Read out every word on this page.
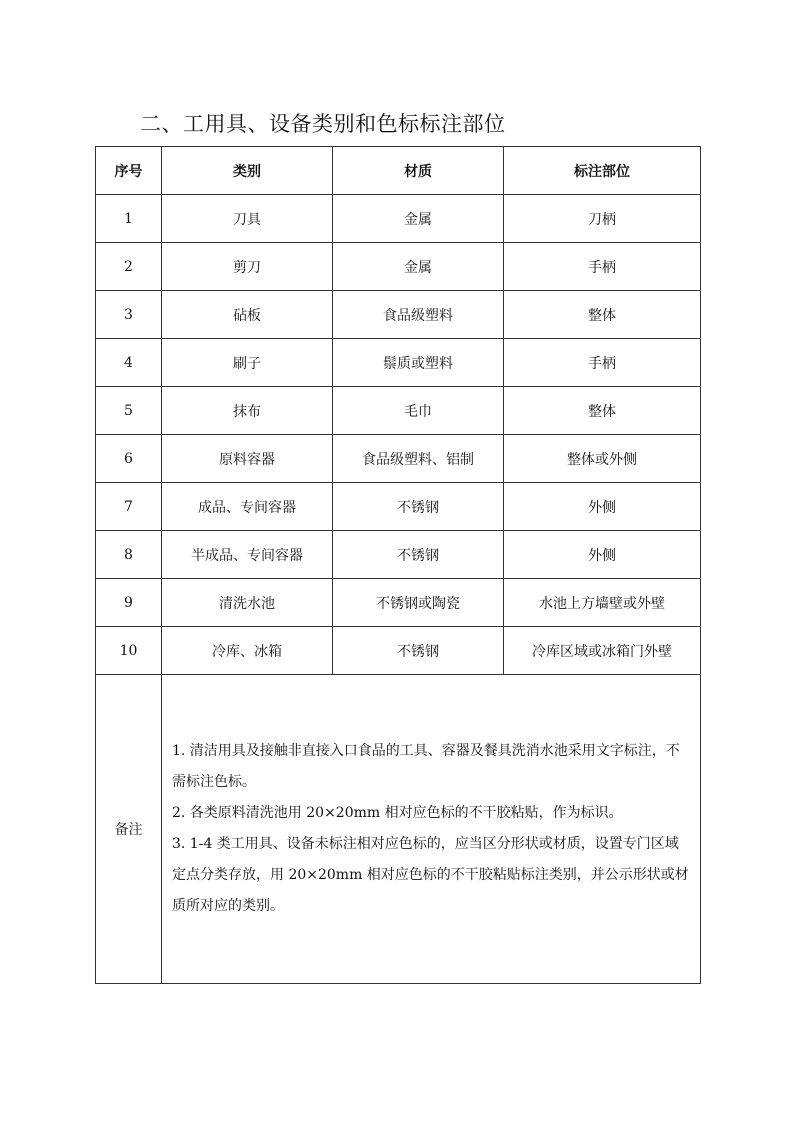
二、工用具、设备类别和色标标注部位
序号	类别	材质	标注部位
1	刀具	金属	刀柄
2	剪刀	金属	手柄
3	砧板	食品级塑料	整体
4	刷子	鬃质或塑料	手柄
5	抹布	毛巾	整体
6	原料容器	食品级塑料、铝制	整体或外侧
7	成品、专间容器	不锈钢	外侧
8	半成品、专间容器	不锈钢	外侧
9	清洗水池	不锈钢或陶瓷	水池上方墙壁或外壁
10	冷库、冰箱	不锈钢	冷库区域或冰箱门外壁
备注	1. 清洁用具及接触非直接入口食品的工具、容器及餐具洗消水池采用文字标注，不需标注色标。
2. 各类原料清洗池用 20×20mm 相对应色标的不干胶粘贴，作为标识。
3. 1-4 类工用具、设备未标注相对应色标的，应当区分形状或材质，设置专门区域定点分类存放，用 20×20mm 相对应色标的不干胶粘贴标注类别，并公示形状或材质所对应的类别。		
